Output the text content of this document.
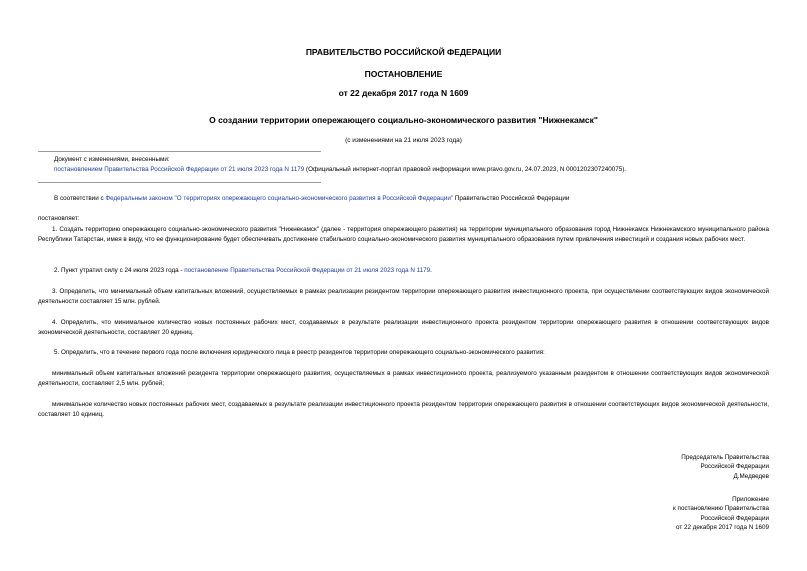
ПРАВИТЕЛЬСТВО РОССИЙСКОЙ ФЕДЕРАЦИИ
ПОСТАНОВЛЕНИЕ
от 22 декабря 2017 года N 1609
О создании территории опережающего социально-экономического развития "Нижнекамск"
(с изменениями на 21 июля 2023 года)
Документ с изменениями, внесенными:
постановлением Правительства Российской Федерации от 21 июля 2023 года N 1179 (Официальный интернет-портал правовой информации www.pravo.gov.ru, 24.07.2023, N 0001202307240075).
В соответствии с Федеральным законом "О территориях опережающего социально-экономического развития в Российской Федерации" Правительство Российской Федерации
постановляет:
1. Создать территорию опережающего социально-экономического развития "Нижнекамск" (далее - территория опережающего развития) на территории муниципального образования город Нижнекамск Нижнекамского муниципального района Республики Татарстан, имея в виду, что ее функционирование будет обеспечивать достижение стабильного социально-экономического развития муниципального образования путем привлечения инвестиций и создания новых рабочих мест.
2. Пункт утратил силу с 24 июля 2023 года - постановление Правительства Российской Федерации от 21 июля 2023 года N 1179.
3. Определить, что минимальный объем капитальных вложений, осуществляемых в рамках реализации резидентом территории опережающего развития инвестиционного проекта, при осуществлении соответствующих видов экономической деятельности составляет 15 млн. рублей.
4. Определить, что минимальное количество новых постоянных рабочих мест, создаваемых в результате реализации инвестиционного проекта резидентом территории опережающего развития в отношении соответствующих видов экономической деятельности, составляет 20 единиц.
5. Определить, что в течение первого года после включения юридического лица в реестр резидентов территории опережающего социально-экономического развития:
минимальный объем капитальных вложений резидента территории опережающего развития, осуществляемых в рамках инвестиционного проекта, реализуемого указанным резидентом в отношении соответствующих видов экономической деятельности, составляет 2,5 млн. рублей;
минимальное количество новых постоянных рабочих мест, создаваемых в результате реализации инвестиционного проекта резидентом территории опережающего развития в отношении соответствующих видов экономической деятельности, составляет 10 единиц.
Председатель Правительства
Российской Федерации
Д.Медведев
Приложение
к постановлению Правительства
Российской Федерации
от 22 декабря 2017 года N 1609
